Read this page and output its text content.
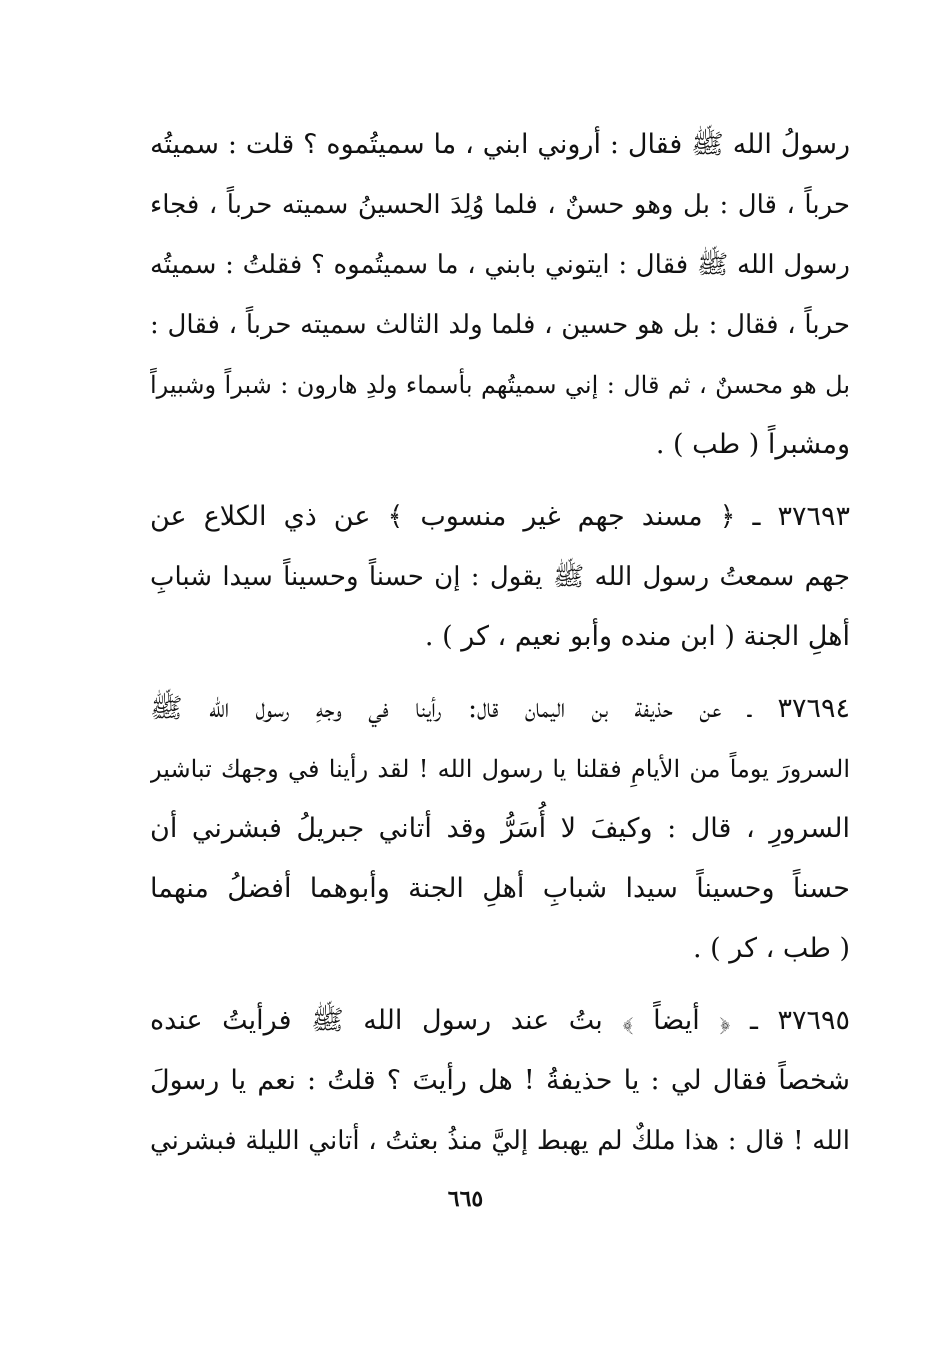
رسولُ الله ﷺ فقال : أروني ابني ، ما سميتُموه ؟ قلت : سميتُه
حرباً ، قال : بل وهو حسنٌ ، فلما وُلِدَ الحسينُ سميته حرباً ، فجاء
رسول الله ﷺ فقال : ايتوني بابني ، ما سميتُموه ؟ فقلتُ : سميتُه
حرباً ، فقال : بل هو حسين ، فلما ولد الثالث سميته حرباً ، فقال :
بل هو محسنٌ ، ثم قال : إني سميتُهم بأسماء ولدِ هارون : شبراً وشبيراً
ومشبراً ( طب ) .
٣٧٦٩٣ ـ ﴿ مسند جهم غير منسوب ﴾ عن ذي الكلاع عن
جهم سمعتُ رسول الله ﷺ يقول : إن حسناً وحسيناً سيدا شبابِ
أهلِ الجنة ( ابن منده وأبو نعيم ، كر ) .
٣٧٦٩٤ ـ عن حذيفة بن اليمان قال: رأينا في وجهِ رسول الله ﷺ
السرورَ يوماً من الأيامِ فقلنا يا رسول الله ! لقد رأينا في وجهك تباشير
السرورِ ، قال : وكيفَ لا أُسَرُّ وقد أتاني جبريلُ فبشرني أن
حسناً وحسيناً سيدا شبابِ أهلِ الجنة وأبوهما أفضلُ منهما
( طب ، كر ) .
٣٧٦٩٥ ـ ﴿ أيضاً ﴾ بتُ عند رسول الله ﷺ فرأيتُ عنده
شخصاً فقال لي : يا حذيفةُ ! هل رأيتَ ؟ قلتُ : نعم يا رسولَ
الله ! قال : هذا ملكٌ لم يهبط إليَّ منذُ بعثتُ ، أتاني الليلة فبشرني
٦٦٥
